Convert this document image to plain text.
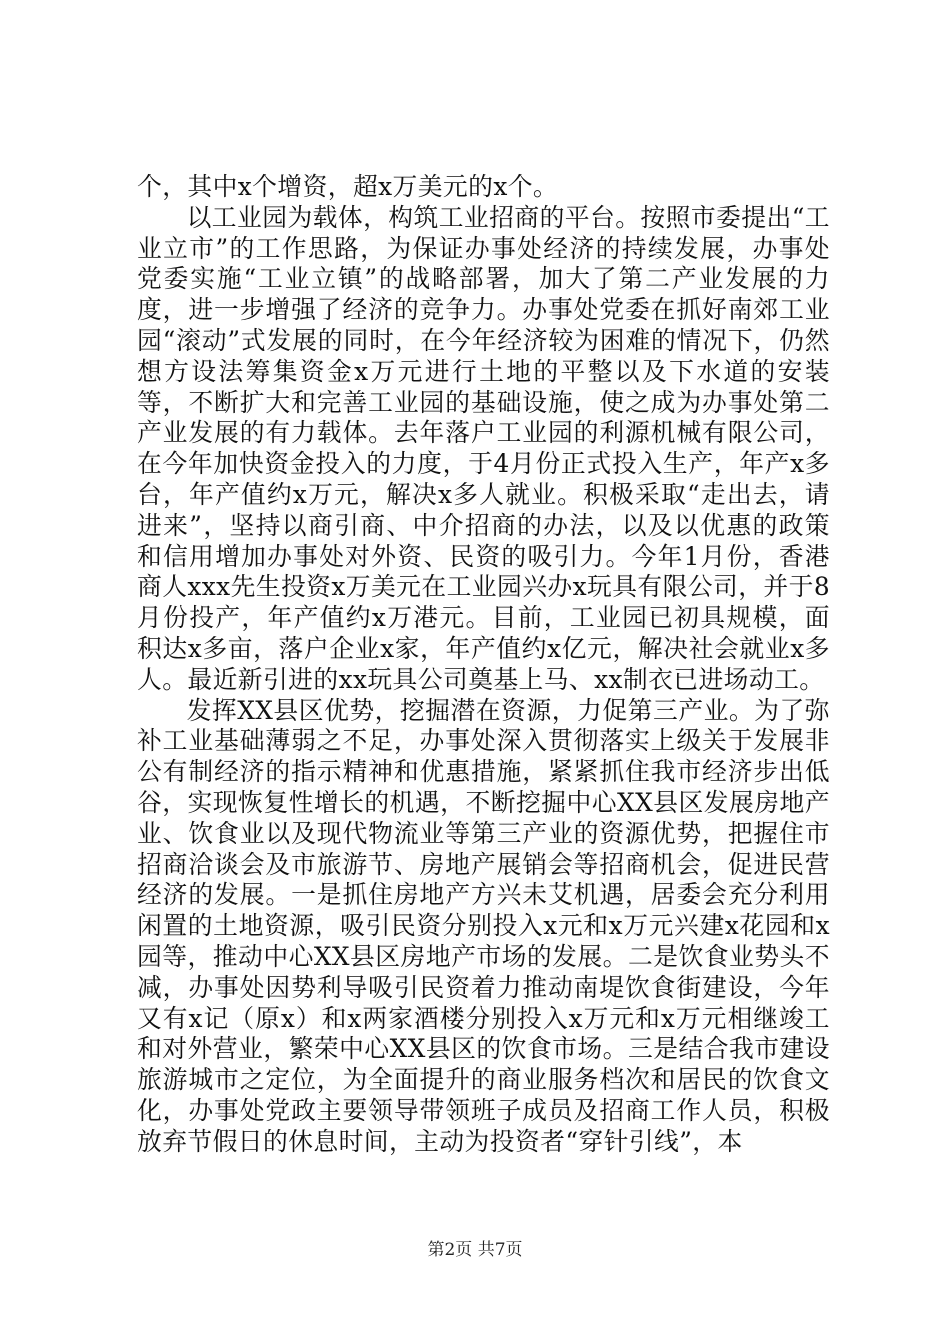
个，其中x个增资，超x万美元的x个。

以工业园为载体，构筑工业招商的平台。按照市委提出“工业立市”的工作思路，为保证办事处经济的持续发展，办事处党委实施“工业立镇”的战略部署，加大了第二产业发展的力度，进一步增强了经济的竞争力。办事处党委在抓好南郊工业园“滚动”式发展的同时，在今年经济较为困难的情况下，仍然想方设法筹集资金x万元进行土地的平整以及下水道的安装等，不断扩大和完善工业园的基础设施，使之成为办事处第二产业发展的有力载体。去年落户工业园的利源机械有限公司，在今年加快资金投入的力度，于4月份正式投入生产，年产x多台，年产值约x万元，解决x多人就业。积极采取“走出去，请进来”，坚持以商引商、中介招商的办法，以及以优惠的政策和信用增加办事处对外资、民资的吸引力。今年1月份，香港商人xxx先生投资x万美元在工业园兴办x玩具有限公司，并于8月份投产，年产值约x万港元。目前，工业园已初具规模，面积达x多亩，落户企业x家，年产值约x亿元，解决社会就业x多人。最近新引进的xx玩具公司奠基上马、xx制衣已进场动工。

发挥XX县区优势，挖掘潜在资源，力促第三产业。为了弥补工业基础薄弱之不足，办事处深入贯彻落实上级关于发展非公有制经济的指示精神和优惠措施，紧紧抓住我市经济步出低谷，实现恢复性增长的机遇，不断挖掘中心XX县区发展房地产业、饮食业以及现代物流业等第三产业的资源优势，把握住市招商洽谈会及市旅游节、房地产展销会等招商机会，促进民营经济的发展。一是抓住房地产方兴未艾机遇，居委会充分利用闲置的土地资源，吸引民资分别投入x元和x万元兴建x花园和x园等，推动中心XX县区房地产市场的发展。二是饮食业势头不减，办事处因势利导吸引民资着力推动南堤饮食街建设，今年又有x记（原x）和x两家酒楼分别投入x万元和x万元相继竣工和对外营业，繁荣中心XX县区的饮食市场。三是结合我市建设旅游城市之定位，为全面提升的商业服务档次和居民的饮食文化，办事处党政主要领导带领班子成员及招商工作人员，积极放弃节假日的休息时间，主动为投资者“穿针引线”，本

第2页 共7页
